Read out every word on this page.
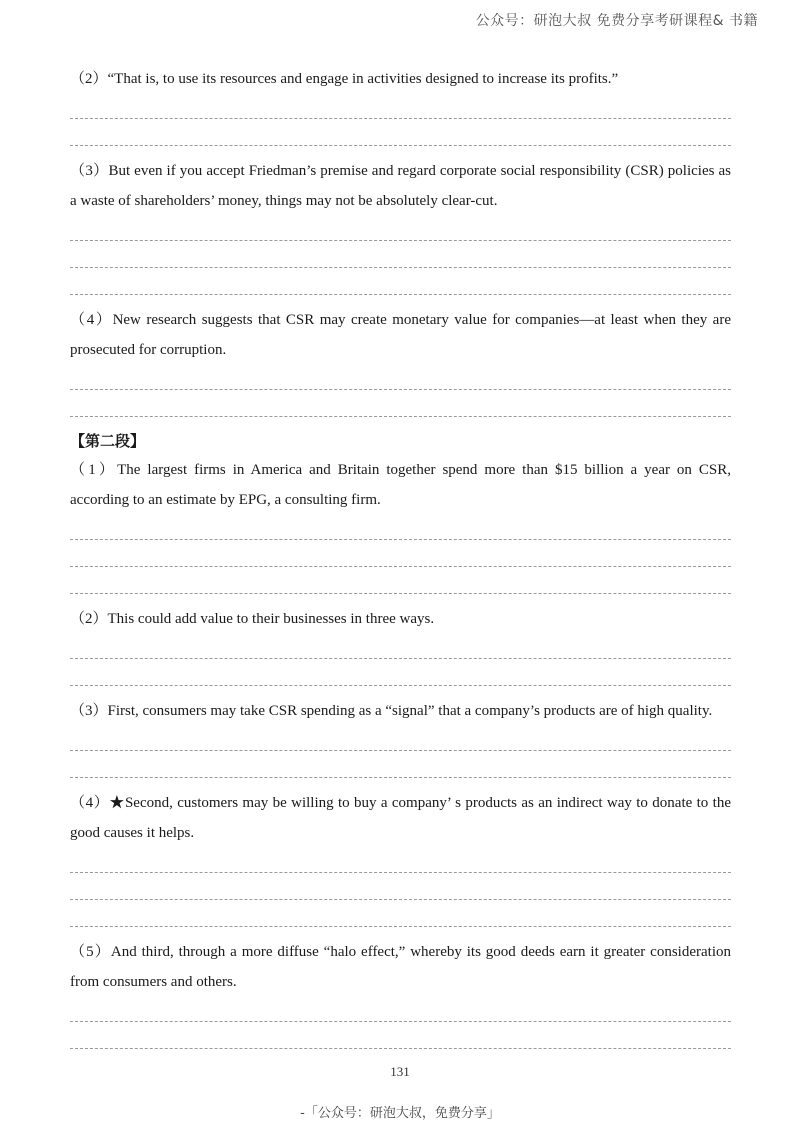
公众号：研泡大叔 免费分享考研课程& 书籍

（2）“That is, to use its resources and engage in activities designed to increase its profits.”

（3）But even if you accept Friedman’s premise and regard corporate social responsibility (CSR) policies as a waste of shareholders’ money, things may not be absolutely clear-cut.

（4）New research suggests that CSR may create monetary value for companies—at least when they are prosecuted for corruption.

【第二段】

（1）The largest firms in America and Britain together spend more than $15 billion a year on CSR, according to an estimate by EPG, a consulting firm.

（2）This could add value to their businesses in three ways.

（3）First, consumers may take CSR spending as a “signal” that a company’s products are of high quality.

（4）★Second, customers may be willing to buy a company’ s products as an indirect way to donate to the good causes it helps.

（5）And third, through a more diffuse “halo effect,” whereby its good deeds earn it greater consideration from consumers and others.

131
-「公众号：研泡大叔，免费分享」
